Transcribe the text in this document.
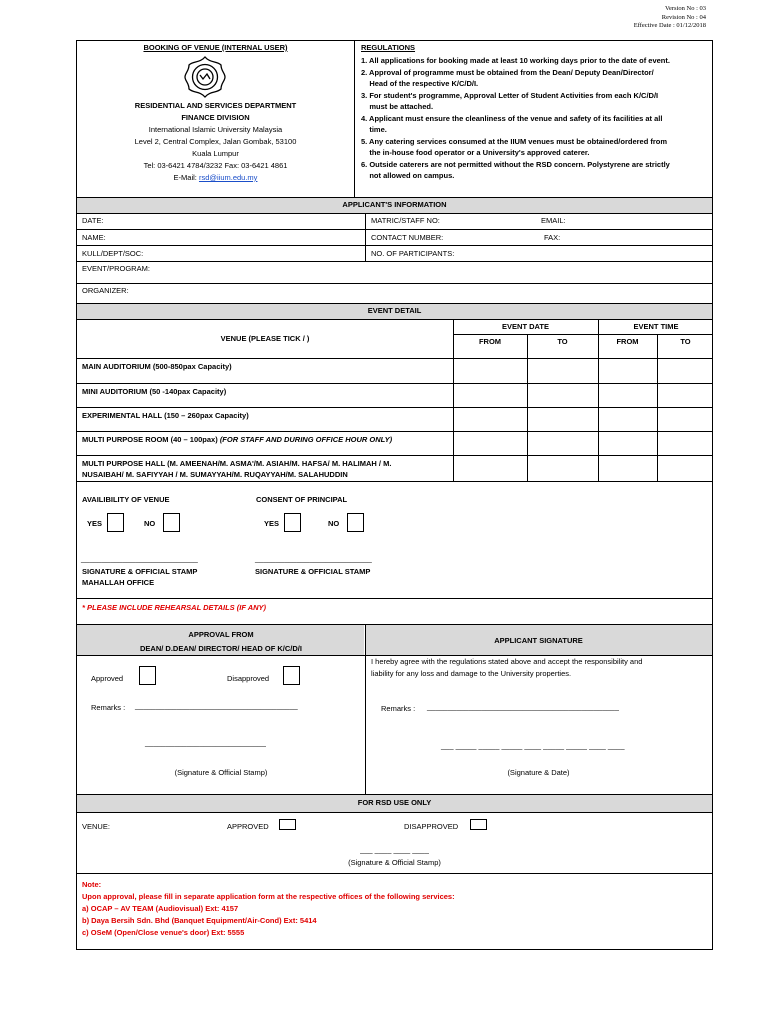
Version No : 03
Revision No : 04
Effective Date : 01/12/2018
BOOKING OF VENUE (INTERNAL USER)
RESIDENTIAL AND SERVICES DEPARTMENT
FINANCE DIVISION
International Islamic University Malaysia
Level 2, Central Complex, Jalan Gombak, 53100
Kuala Lumpur
Tel: 03-6421 4784/3232 Fax: 03-6421 4861
E-Mail: rsd@iium.edu.my
REGULATIONS
1. All applications for booking made at least 10 working days prior to the date of event.
2. Approval of programme must be obtained from the Dean/ Deputy Dean/Director/
Head of the respective K/C/D/I.
3. For student's programme, Approval Letter of Student Activities from each K/C/D/I
must be attached.
4. Applicant must ensure the cleanliness of the venue and safety of its facilities at all
time.
5. Any catering services consumed at the IIUM venues must be obtained/ordered from
the in-house food operator or a University's approved caterer.
6. Outside caterers are not permitted without the RSD concern. Polystyrene are strictly
not allowed on campus.
APPLICANT'S INFORMATION
DATE:	MATRIC/STAFF NO:	EMAIL:
NAME:	CONTACT NUMBER:	FAX:
KULL/DEPT/SOC:	NO. OF PARTICIPANTS:
EVENT/PROGRAM:
ORGANIZER:
EVENT DETAIL
VENUE (PLEASE TICK / )
EVENT DATE	EVENT TIME
FROM	TO	FROM	TO
MAIN AUDITORIUM (500-850pax Capacity)
MINI AUDITORIUM (50 -140pax Capacity)
EXPERIMENTAL HALL (150 – 260pax Capacity)
MULTI PURPOSE ROOM (40 – 100pax) (FOR STAFF AND DURING OFFICE HOUR ONLY)
MULTI PURPOSE HALL (M. AMEENAH/M. ASMA'/M. ASIAH/M. HAFSA/ M. HALIMAH / M.
NUSAIBAH/ M. SAFIYYAH / M. SUMAYYAH/M. RUQAYYAH/M. SALAHUDDIN
AVAILIBILITY OF VENUE	CONSENT OF PRINCIPAL
YES	NO	YES	NO
____________________________	____________________________
SIGNATURE & OFFICIAL STAMP
MAHALLAH OFFICE
SIGNATURE & OFFICIAL STAMP
* PLEASE INCLUDE REHEARSAL DETAILS (IF ANY)
APPROVAL FROM
DEAN/ D.DEAN/ DIRECTOR/ HEAD OF K/C/D/I
APPLICANT SIGNATURE
Approved	Disapproved
Remarks : _______________________________________
_____________________________
(Signature & Official Stamp)
I hereby agree with the regulations stated above and accept the responsibility and
liability for any loss and damage to the University properties.
Remarks : ______________________________________________
___ _____ _____ _____ ____ _____ _____ ____ ____
(Signature & Date)
FOR RSD USE ONLY
VENUE:	APPROVED	DISAPPROVED
___ ____ ____ ____
(Signature & Official Stamp)
Note:
Upon approval, please fill in separate application form at the respective offices of the following services:
a) OCAP – AV TEAM (Audiovisual) Ext: 4157
b) Daya Bersih Sdn. Bhd (Banquet Equipment/Air-Cond) Ext: 5414
c) OSeM (Open/Close venue's door) Ext: 5555
